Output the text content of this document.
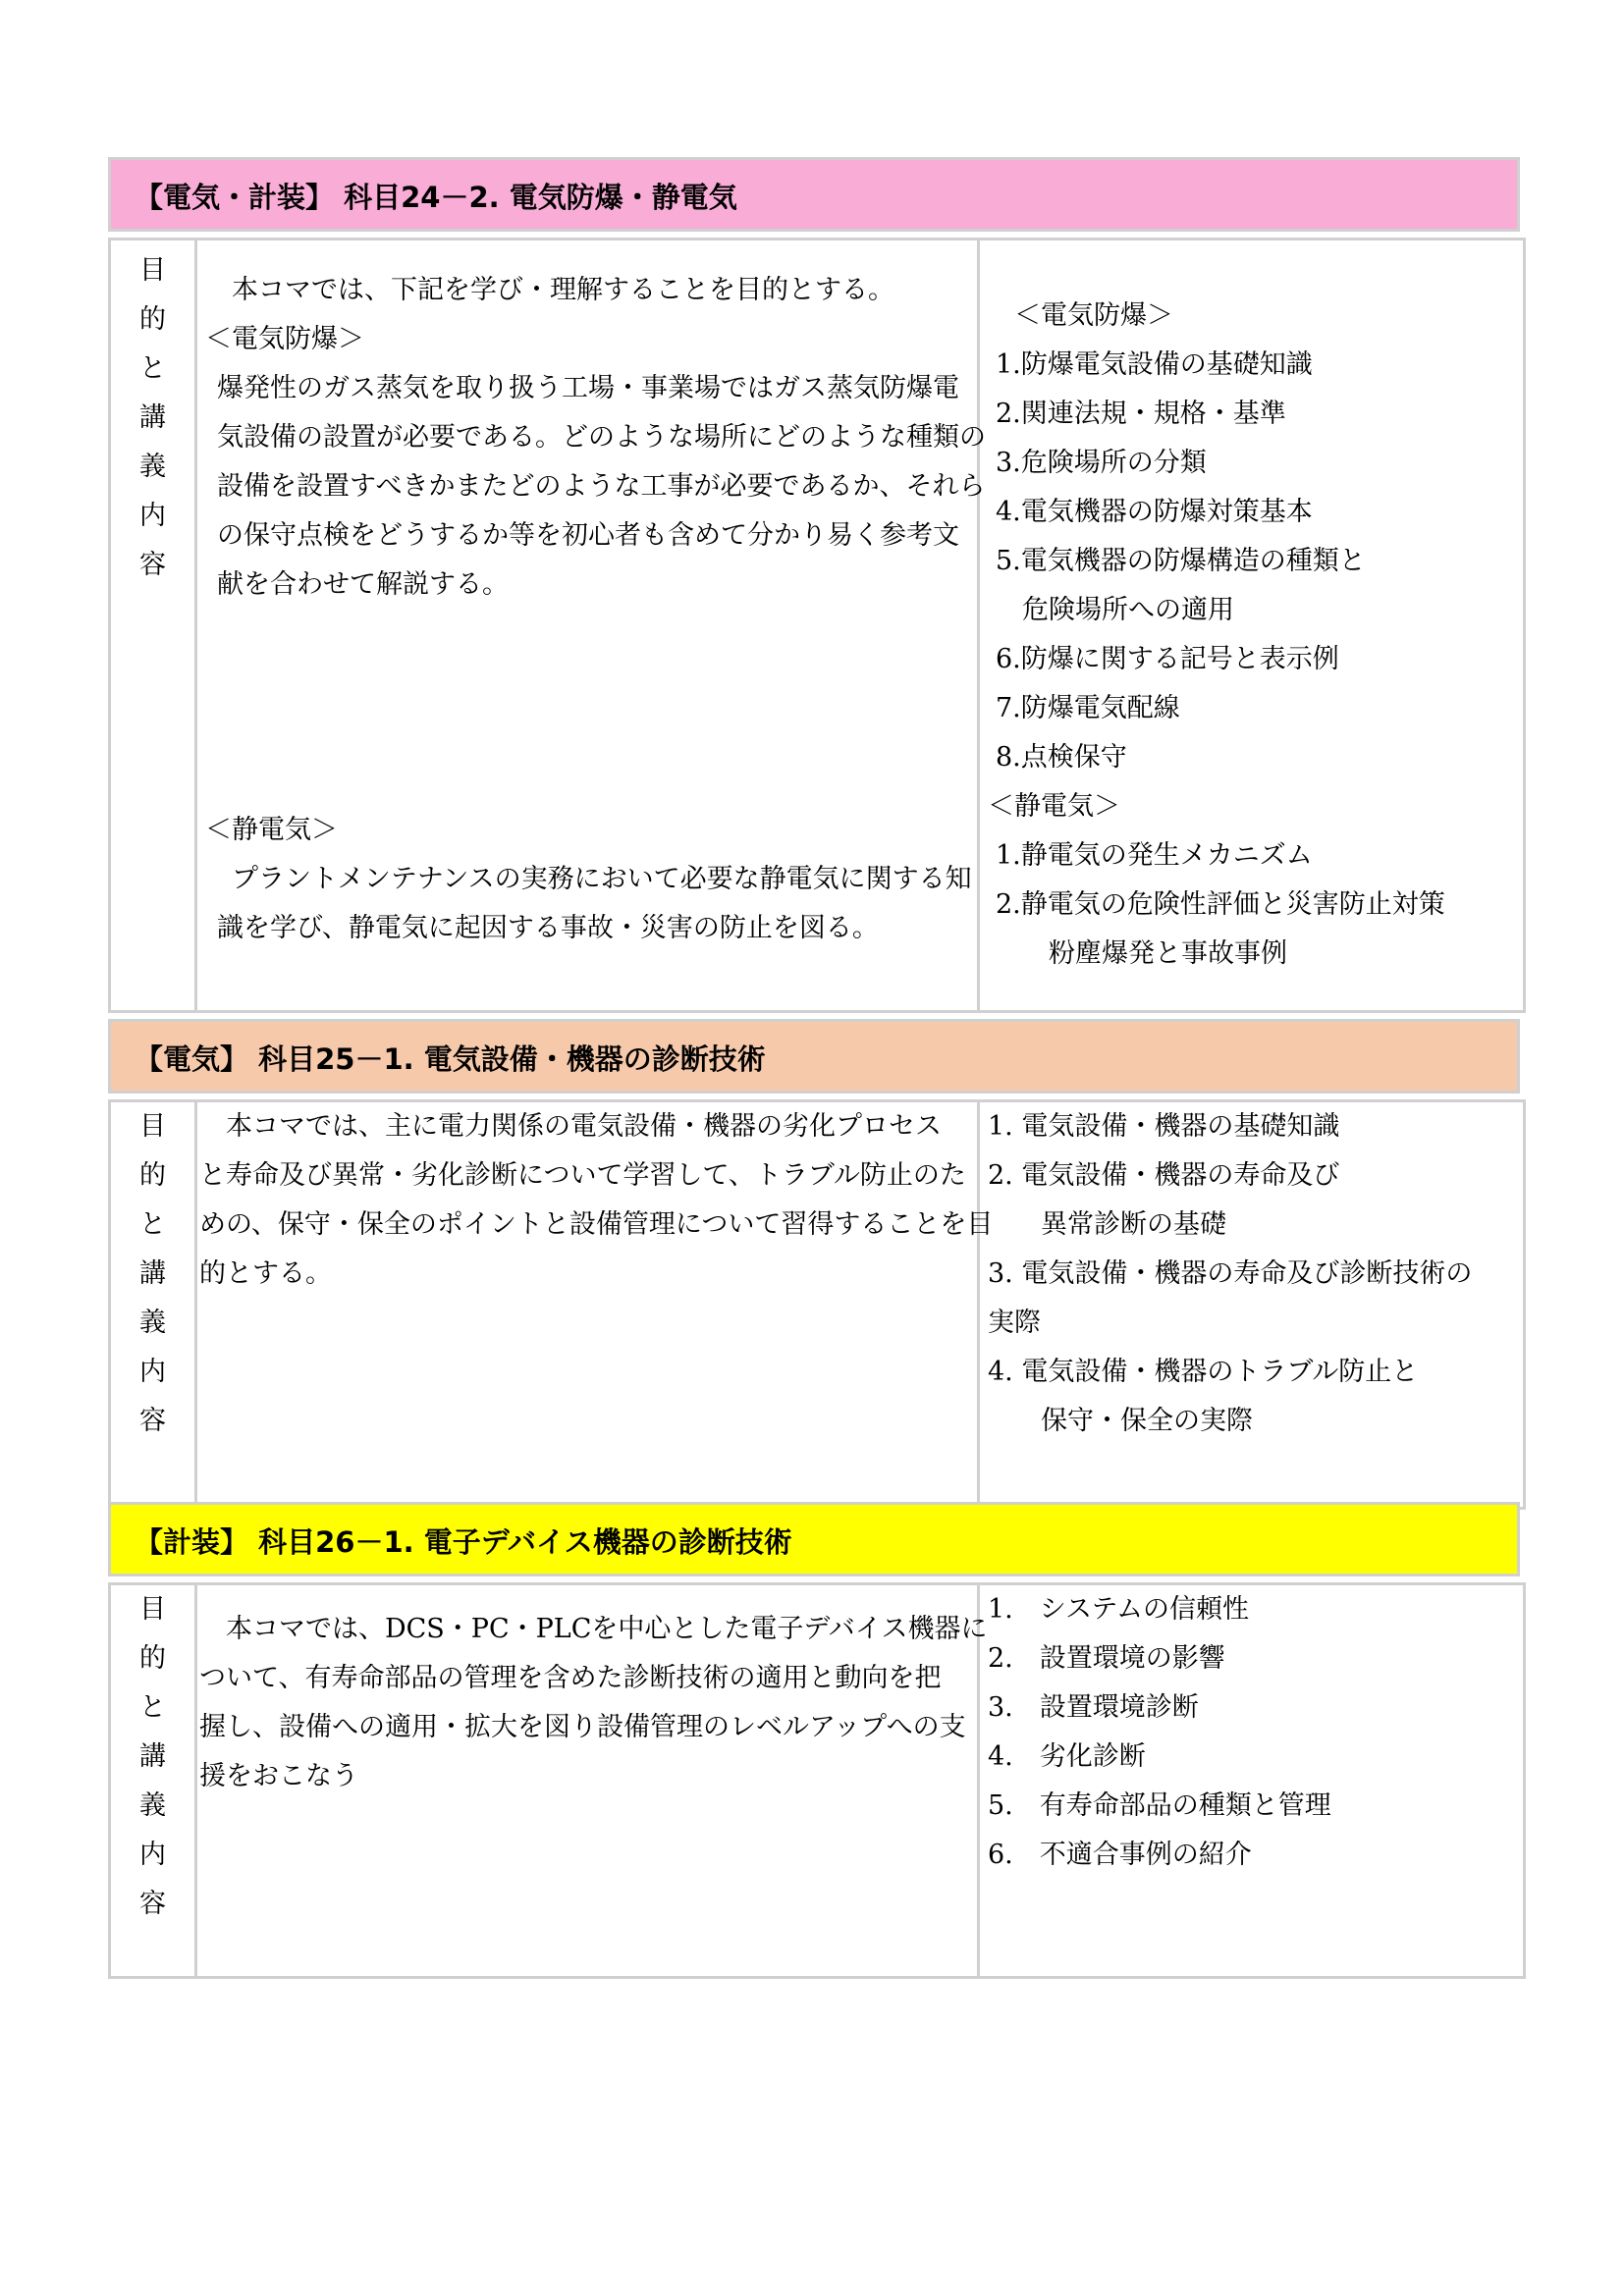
【電気・計装】 科目24－2. 電気防爆・静電気
目
的
と
講
義
内
容
　本コマでは、下記を学び・理解することを目的とする。
＜電気防爆＞
爆発性のガス蒸気を取り扱う工場・事業場ではガス蒸気防爆電
気設備の設置が必要である。どのような場所にどのような種類の
設備を設置すべきかまたどのような工事が必要であるか、それら
の保守点検をどうするか等を初心者も含めて分かり易く参考文
献を合わせて解説する。
＜静電気＞
　プラントメンテナンスの実務において必要な静電気に関する知
識を学び、静電気に起因する事故・災害の防止を図る。
　＜電気防爆＞
1.防爆電気設備の基礎知識
2.関連法規・規格・基準
3.危険場所の分類
4.電気機器の防爆対策基本
5.電気機器の防爆構造の種類と
　危険場所への適用
6.防爆に関する記号と表示例
7.防爆電気配線
8.点検保守
＜静電気＞
1.静電気の発生メカニズム
2.静電気の危険性評価と災害防止対策
　　粉塵爆発と事故事例
【電気】 科目25－1. 電気設備・機器の診断技術
目
的
と
講
義
内
容
　本コマでは、主に電力関係の電気設備・機器の劣化プロセス
と寿命及び異常・劣化診断について学習して、トラブル防止のた
めの、保守・保全のポイントと設備管理について習得することを目
的とする。
1. 電気設備・機器の基礎知識
2. 電気設備・機器の寿命及び
　　異常診断の基礎
3. 電気設備・機器の寿命及び診断技術の
実際
4. 電気設備・機器のトラブル防止と
　　保守・保全の実際
【計装】 科目26－1. 電子デバイス機器の診断技術
目
的
と
講
義
内
容
　本コマでは、DCS・PC・PLCを中心とした電子デバイス機器に
ついて、有寿命部品の管理を含めた診断技術の適用と動向を把
握し、設備への適用・拡大を図り設備管理のレベルアップへの支
援をおこなう
1.　システムの信頼性
2.　設置環境の影響
3.　設置環境診断
4.　劣化診断
5.　有寿命部品の種類と管理
6.　不適合事例の紹介
